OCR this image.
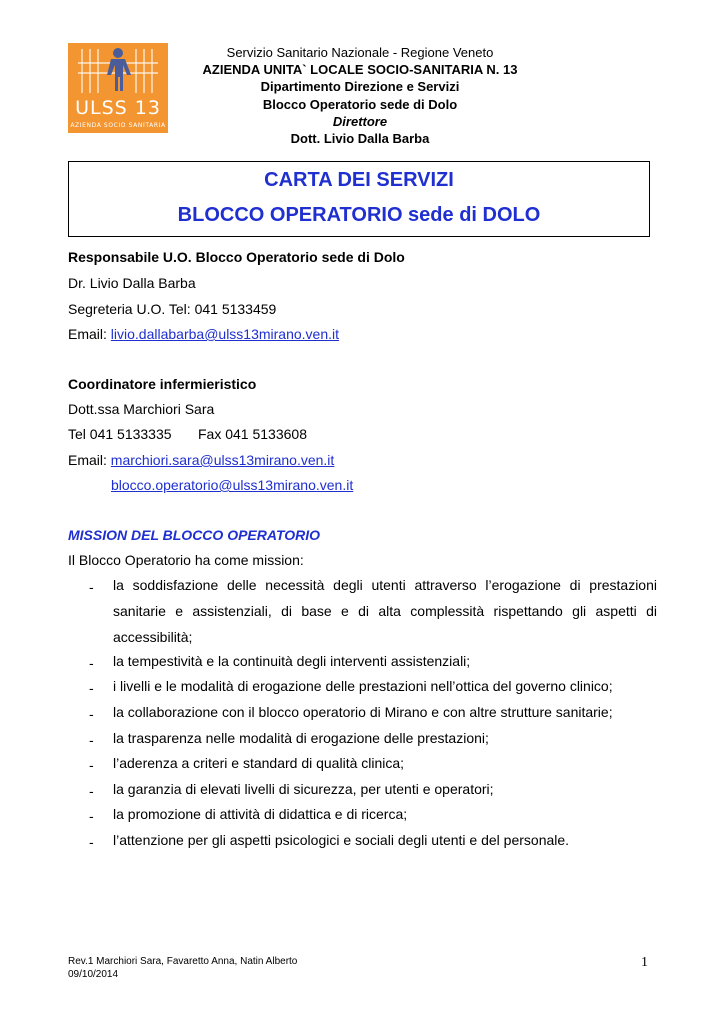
ULSS 13
AZIENDA SOCIO SANITARIA
Servizio Sanitario Nazionale - Regione Veneto
AZIENDA UNITA` LOCALE SOCIO-SANITARIA N. 13
Dipartimento Direzione e Servizi
Blocco Operatorio sede di Dolo
Direttore
Dott. Livio Dalla Barba
CARTA DEI SERVIZI
BLOCCO OPERATORIO sede di DOLO
Responsabile U.O. Blocco Operatorio sede di Dolo
Dr. Livio Dalla Barba
Segreteria U.O. Tel: 041 5133459
Email: livio.dallabarba@ulss13mirano.ven.it
Coordinatore infermieristico
Dott.ssa Marchiori Sara
Tel 041 5133335 Fax 041 5133608
Email: marchiori.sara@ulss13mirano.ven.it
blocco.operatorio@ulss13mirano.ven.it
MISSION DEL BLOCCO OPERATORIO
Il Blocco Operatorio ha come mission:
- la soddisfazione delle necessità degli utenti attraverso l’erogazione di prestazioni sanitarie e assistenziali, di base e di alta complessità rispettando gli aspetti di accessibilità;
- la tempestività e la continuità degli interventi assistenziali;
- i livelli e le modalità di erogazione delle prestazioni nell’ottica del governo clinico;
- la collaborazione con il blocco operatorio di Mirano e con altre strutture sanitarie;
- la trasparenza nelle modalità di erogazione delle prestazioni;
- l’aderenza a criteri e standard di qualità clinica;
- la garanzia di elevati livelli di sicurezza, per utenti e operatori;
- la promozione di attività di didattica e di ricerca;
- l’attenzione per gli aspetti psicologici e sociali degli utenti e del personale.
Rev.1 Marchiori Sara, Favaretto Anna, Natin Alberto
09/10/2014
1
